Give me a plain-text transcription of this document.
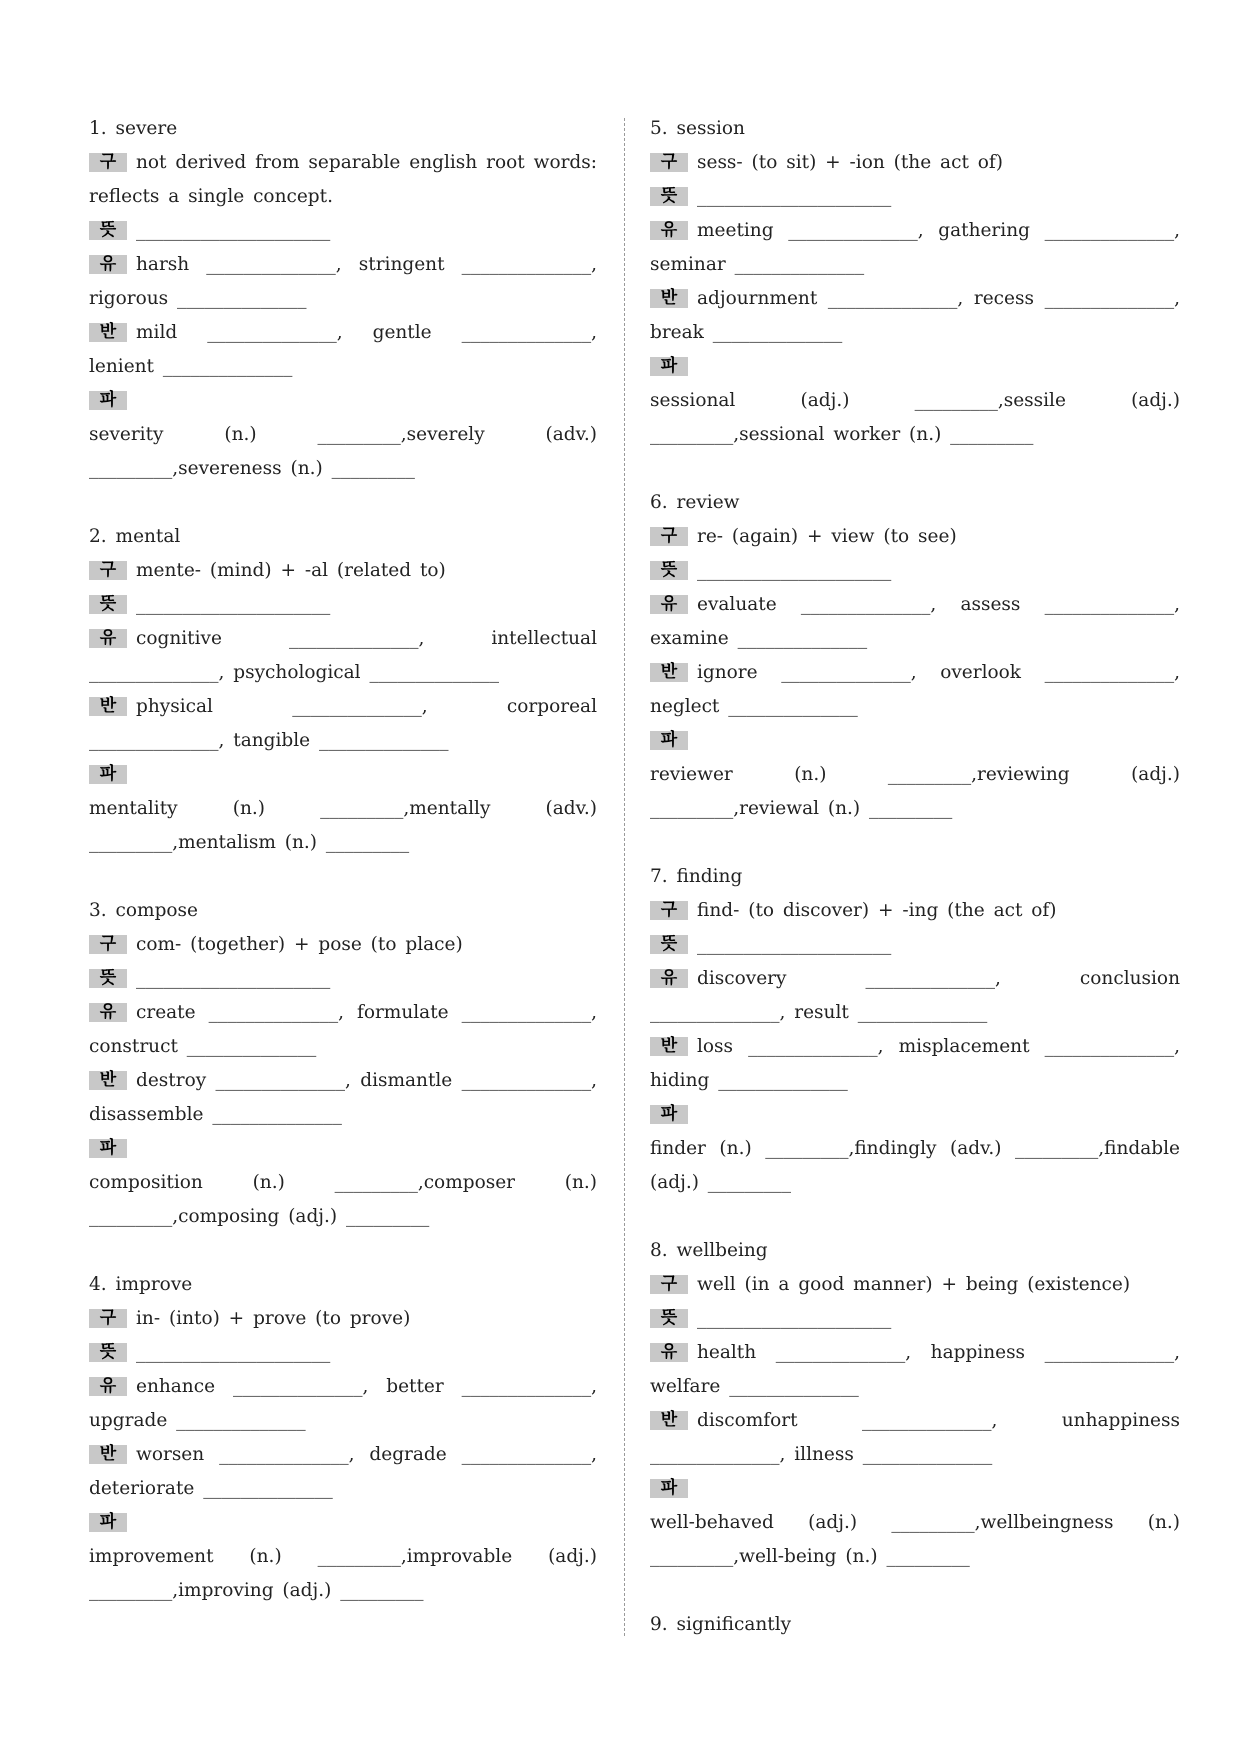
1. severe
구 not derived from separable english root words: reflects a single concept.
뜻 _____________________
유 harsh ______________, stringent ______________, rigorous ______________
반 mild ______________, gentle ______________, lenient ______________
파
severity (n.) _________,severely (adv.) _________,severeness (n.) _________
2. mental
구 mente- (mind) + -al (related to)
뜻 _____________________
유 cognitive ______________, intellectual ______________, psychological ______________
반 physical ______________, corporeal ______________, tangible ______________
파
mentality (n.) _________,mentally (adv.) _________,mentalism (n.) _________
3. compose
구 com- (together) + pose (to place)
뜻 _____________________
유 create ______________, formulate ______________, construct ______________
반 destroy ______________, dismantle ______________, disassemble ______________
파
composition (n.) _________,composer (n.) _________,composing (adj.) _________
4. improve
구 in- (into) + prove (to prove)
뜻 _____________________
유 enhance ______________, better ______________, upgrade ______________
반 worsen ______________, degrade ______________, deteriorate ______________
파
improvement (n.) _________,improvable (adj.) _________,improving (adj.) _________
5. session
구 sess- (to sit) + -ion (the act of)
뜻 _____________________
유 meeting ______________, gathering ______________, seminar ______________
반 adjournment ______________, recess ______________, break ______________
파
sessional (adj.) _________,sessile (adj.) _________,sessional worker (n.) _________
6. review
구 re- (again) + view (to see)
뜻 _____________________
유 evaluate ______________, assess ______________, examine ______________
반 ignore ______________, overlook ______________, neglect ______________
파
reviewer (n.) _________,reviewing (adj.) _________,reviewal (n.) _________
7. finding
구 find- (to discover) + -ing (the act of)
뜻 _____________________
유 discovery ______________, conclusion ______________, result ______________
반 loss ______________, misplacement ______________, hiding ______________
파
finder (n.) _________,findingly (adv.) _________,findable (adj.) _________
8. wellbeing
구 well (in a good manner) + being (existence)
뜻 _____________________
유 health ______________, happiness ______________, welfare ______________
반 discomfort ______________, unhappiness ______________, illness ______________
파
well-behaved (adj.) _________,wellbeingness (n.) _________,well-being (n.) _________
9. significantly
